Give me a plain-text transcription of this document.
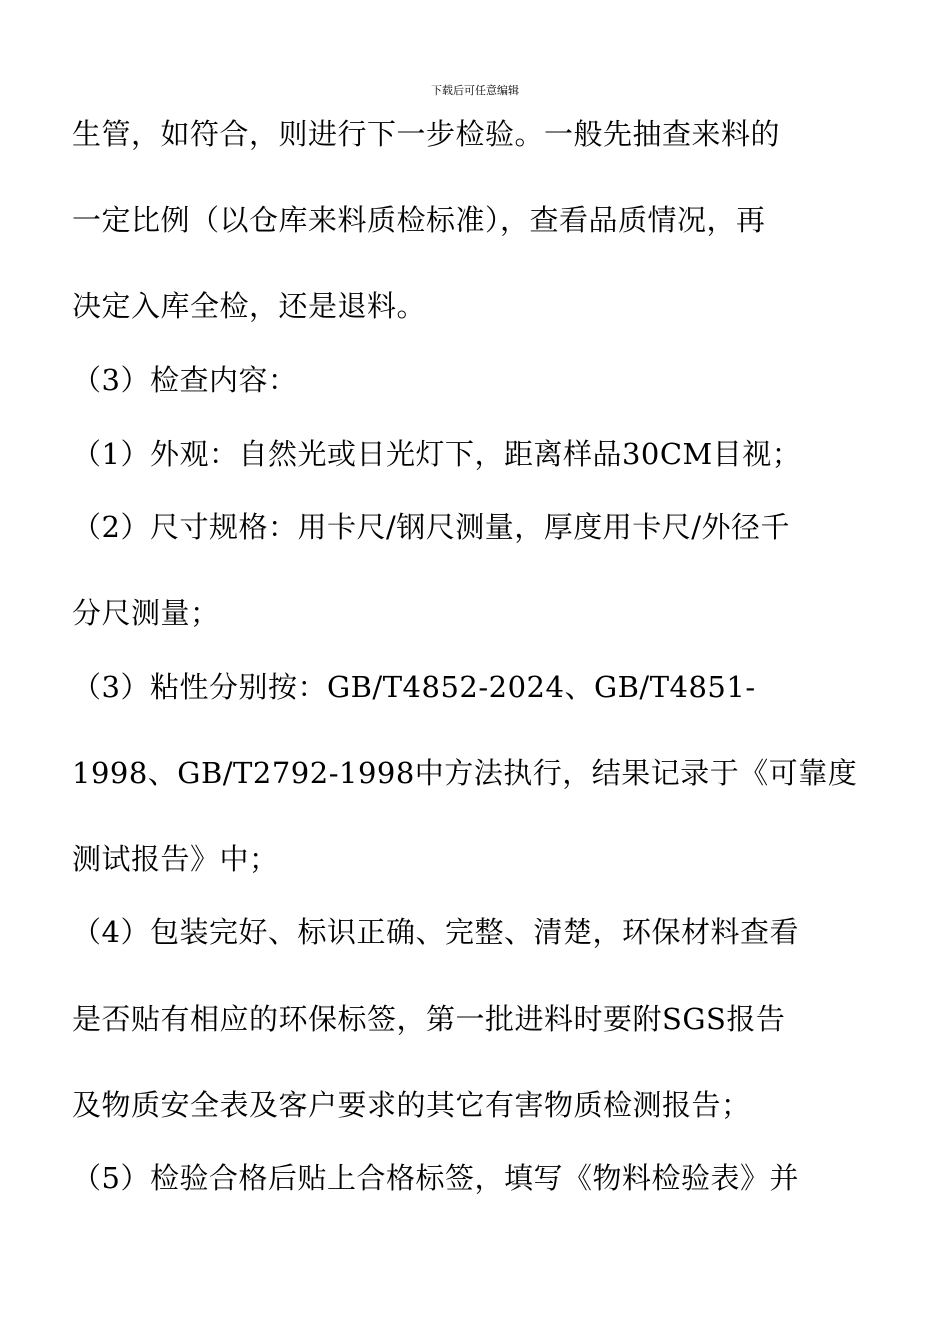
下载后可任意编辑
生管，如符合，则进行下一步检验。一般先抽查来料的
一定比例（以仓库来料质检标准），查看品质情况，再
决定入库全检，还是退料。
（3）检查内容：
（1）外观：自然光或日光灯下，距离样品30CM目视；
（2）尺寸规格：用卡尺/钢尺测量，厚度用卡尺/外径千
分尺测量；
（3）粘性分别按：GB/T4852-2024、GB/T4851-
1998、GB/T2792-1998中方法执行，结果记录于《可靠度
测试报告》中；
（4）包装完好、标识正确、完整、清楚，环保材料查看
是否贴有相应的环保标签，第一批进料时要附SGS报告
及物质安全表及客户要求的其它有害物质检测报告；
（5）检验合格后贴上合格标签，填写《物料检验表》并
